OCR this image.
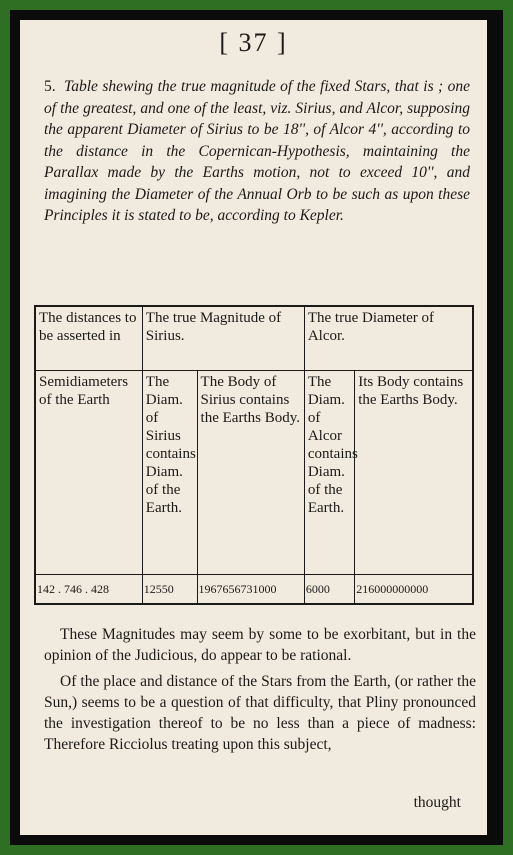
[ 37 ]
5. Table shewing the true magnitude of the fixed Stars, that is ; one of the greatest, and one of the least, viz. Sirius, and Alcor, supposing the apparent Diameter of Sirius to be 18'', of Alcor 4'', according to the distance in the Copernican-Hypothesis, maintaining the Parallax made by the Earths motion, not to exceed 10'', and imagining the Diameter of the Annual Orb to be such as upon these Principles it is stated to be, according to Kepler.
The distances to be asserted in	The true Magnitude of Sirius.		The true Diameter of Alcor.	
Semidiameters of the Earth	The Diam. of Sirius contains Diam. of the Earth.	The Body of Sirius contains the Earths Body.	The Diam. of Alcor contains Diam. of the Earth.	Its Body contains the Earths Body.
142 . 746 . 428	12550	1967656731000	6000	216000000000

These Magnitudes may seem by some to be exorbitant, but in the opinion of the Judicious, do appear to be rational.

Of the place and distance of the Stars from the Earth, (or rather the Sun,) seems to be a question of that difficulty, that Pliny pronounced the investigation thereof to be no less than a piece of madness: Therefore Ricciolus treating upon this subject,

thought
